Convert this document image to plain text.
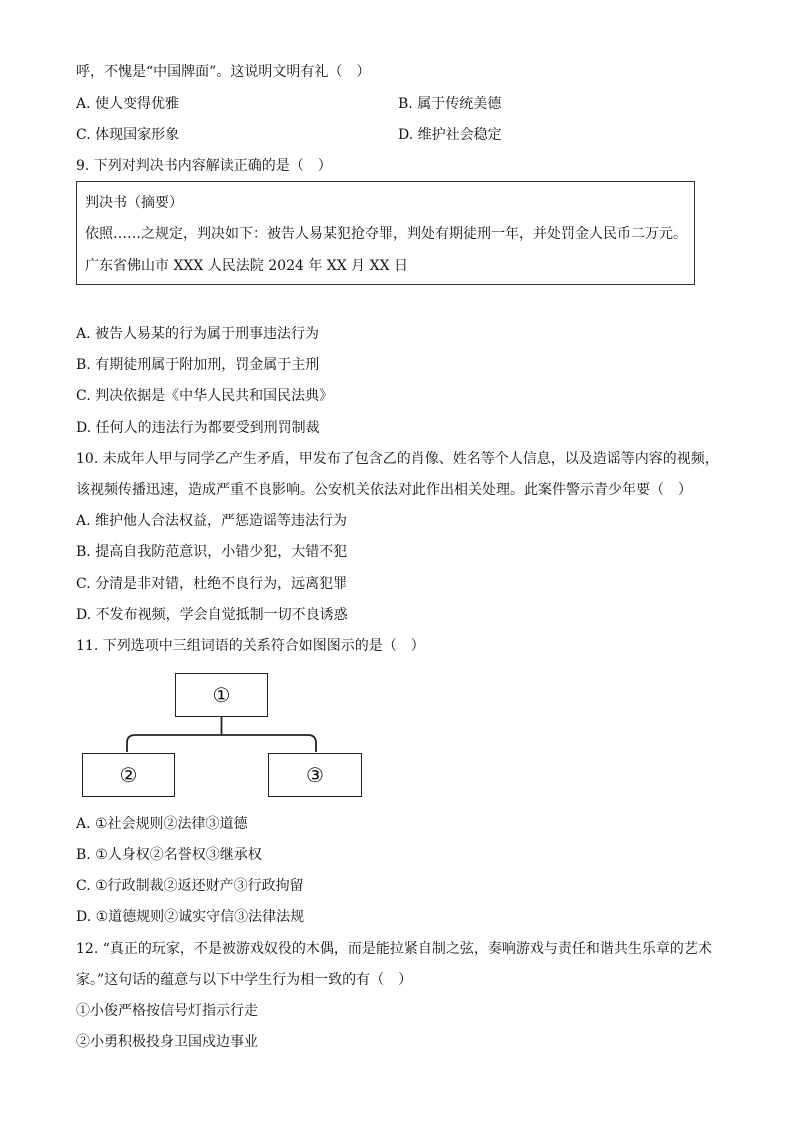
呼，不愧是“中国牌面”。这说明文明有礼（　）
A. 使人变得优雅	B. 属于传统美德
C. 体现国家形象	D. 维护社会稳定
9. 下列对判决书内容解读正确的是（　）
判决书（摘要）
依照……之规定，判决如下：被告人易某犯抢夺罪，判处有期徒刑一年，并处罚金人民币二万元。
广东省佛山市 XXX 人民法院 2024 年 XX 月 XX 日
A. 被告人易某的行为属于刑事违法行为
B. 有期徒刑属于附加刑，罚金属于主刑
C. 判决依据是《中华人民共和国民法典》
D. 任何人的违法行为都要受到刑罚制裁
10. 未成年人甲与同学乙产生矛盾，甲发布了包含乙的肖像、姓名等个人信息，以及造谣等内容的视频，
该视频传播迅速，造成严重不良影响。公安机关依法对此作出相关处理。此案件警示青少年要（　）
A. 维护他人合法权益，严惩造谣等违法行为
B. 提高自我防范意识，小错少犯，大错不犯
C. 分清是非对错，杜绝不良行为，远离犯罪
D. 不发布视频，学会自觉抵制一切不良诱惑
11. 下列选项中三组词语的关系符合如图图示的是（　）
①
②	③
A. ①社会规则②法律③道德
B. ①人身权②名誉权③继承权
C. ①行政制裁②返还财产③行政拘留
D. ①道德规则②诚实守信③法律法规
12. “真正的玩家，不是被游戏奴役的木偶，而是能拉紧自制之弦，奏响游戏与责任和谐共生乐章的艺术
家。”这句话的蕴意与以下中学生行为相一致的有（　）
①小俊严格按信号灯指示行走
②小勇积极投身卫国戍边事业
